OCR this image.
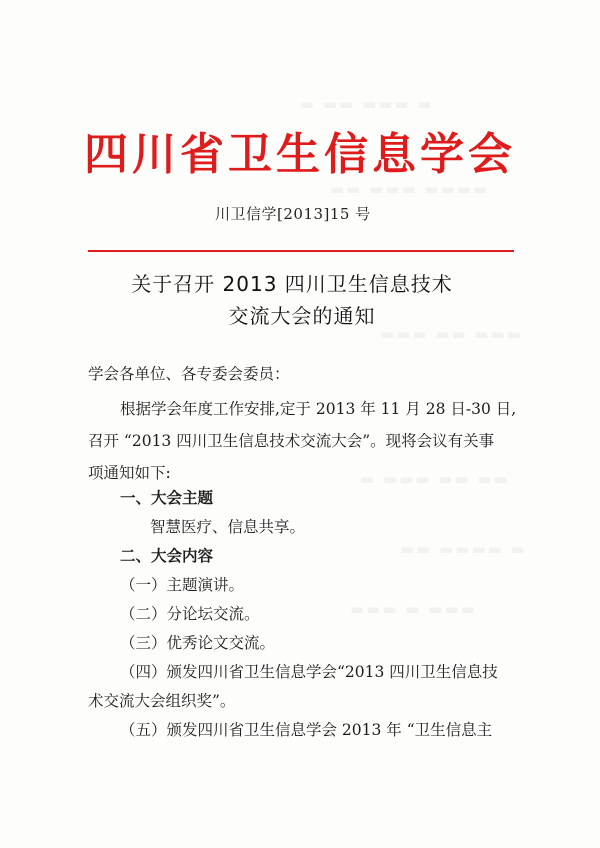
四川省卫生信息学会
川卫信学[2013]15 号
关于召开 2013 四川卫生信息技术
交流大会的通知
学会各单位、各专委会委员：
根据学会年度工作安排,定于 2013 年 11 月 28 日-30 日,
召开 “2013 四川卫生信息技术交流大会”。现将会议有关事
项通知如下:
一、大会主题
智慧医疗、信息共享。
二、大会内容
（一）主题演讲。
（二）分论坛交流。
（三）优秀论文交流。
（四）颁发四川省卫生信息学会“2013 四川卫生信息技
术交流大会组织奖”。
（五）颁发四川省卫生信息学会 2013 年 “卫生信息主
